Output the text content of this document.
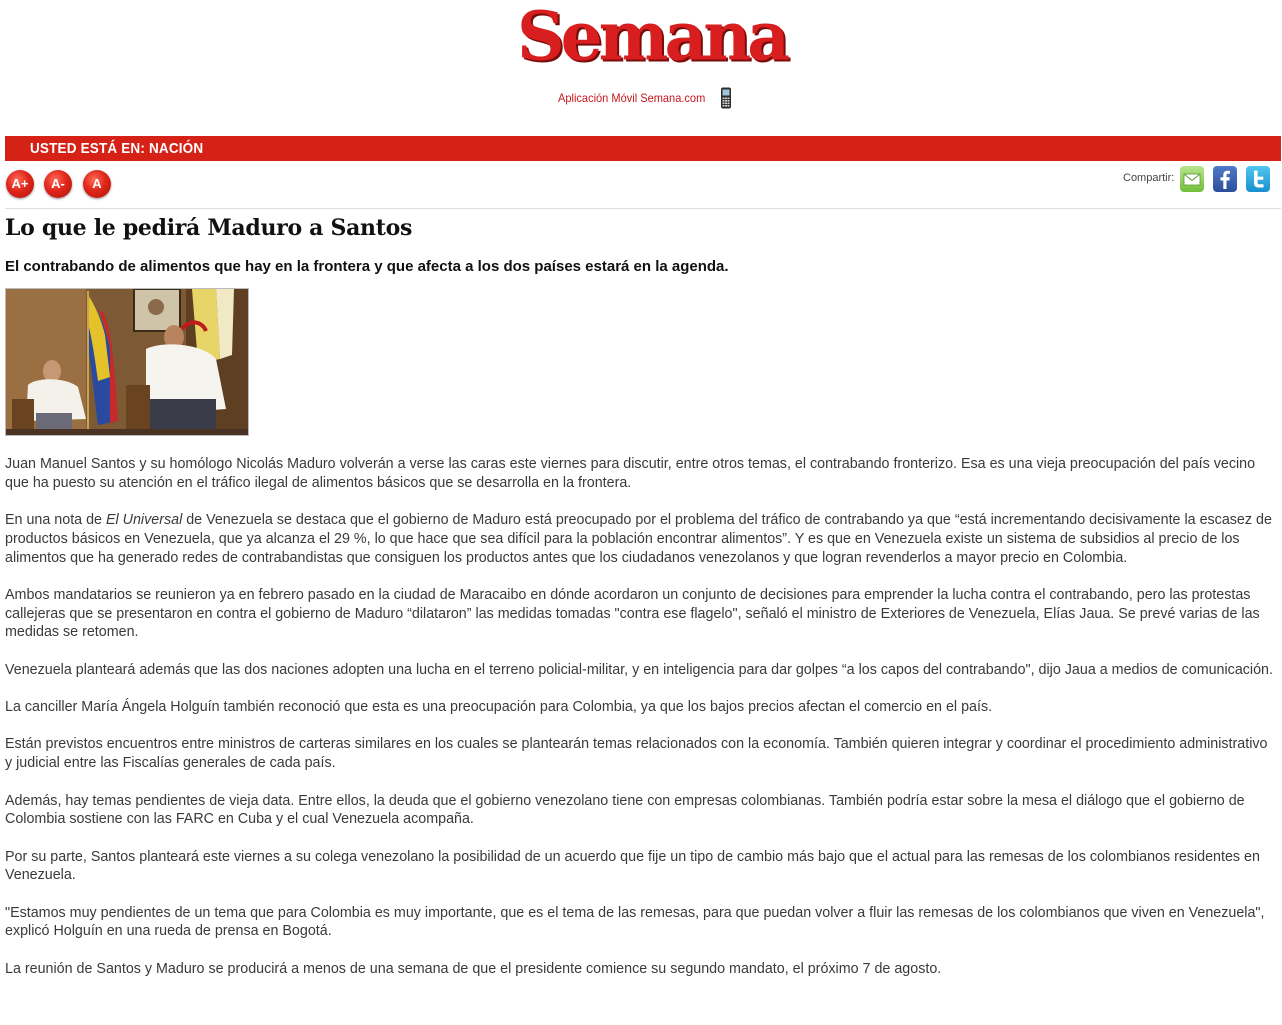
Semana
Aplicación Móvil Semana.com
USTED ESTÁ EN: NACIÓN
A+	A-	A	Compartir:
Lo que le pedirá Maduro a Santos
El contrabando de alimentos que hay en la frontera y que afecta a los dos países estará en la agenda.

Juan Manuel Santos y su homólogo Nicolás Maduro volverán a verse las caras este viernes para discutir, entre otros temas, el contrabando fronterizo. Esa es una vieja preocupación del país vecino que ha puesto su atención en el tráfico ilegal de alimentos básicos que se desarrolla en la frontera.

En una nota de El Universal de Venezuela se destaca que el gobierno de Maduro está preocupado por el problema del tráfico de contrabando ya que “está incrementando decisivamente la escasez de productos básicos en Venezuela, que ya alcanza el 29 %, lo que hace que sea difícil para la población encontrar alimentos”. Y es que en Venezuela existe un sistema de subsidios al precio de los alimentos que ha generado redes de contrabandistas que consiguen los productos antes que los ciudadanos venezolanos y que logran revenderlos a mayor precio en Colombia.

Ambos mandatarios se reunieron ya en febrero pasado en la ciudad de Maracaibo en dónde acordaron un conjunto de decisiones para emprender la lucha contra el contrabando, pero las protestas callejeras que se presentaron en contra el gobierno de Maduro “dilataron” las medidas tomadas "contra ese flagelo", señaló el ministro de Exteriores de Venezuela, Elías Jaua. Se prevé varias de las medidas se retomen.

Venezuela planteará además que las dos naciones adopten una lucha en el terreno policial-militar, y en inteligencia para dar golpes “a los capos del contrabando", dijo Jaua a medios de comunicación.

La canciller María Ángela Holguín también reconoció que esta es una preocupación para Colombia, ya que los bajos precios afectan el comercio en el país.

Están previstos encuentros entre ministros de carteras similares en los cuales se plantearán temas relacionados con la economía. También quieren integrar y coordinar el procedimiento administrativo y judicial entre las Fiscalías generales de cada país.

Además, hay temas pendientes de vieja data. Entre ellos, la deuda que el gobierno venezolano tiene con empresas colombianas. También podría estar sobre la mesa el diálogo que el gobierno de Colombia sostiene con las FARC en Cuba y el cual Venezuela acompaña.

Por su parte, Santos planteará este viernes a su colega venezolano la posibilidad de un acuerdo que fije un tipo de cambio más bajo que el actual para las remesas de los colombianos residentes en Venezuela.

"Estamos muy pendientes de un tema que para Colombia es muy importante, que es el tema de las remesas, para que puedan volver a fluir las remesas de los colombianos que viven en Venezuela", explicó Holguín en una rueda de prensa en Bogotá.

La reunión de Santos y Maduro se producirá a menos de una semana de que el presidente comience su segundo mandato, el próximo 7 de agosto.
